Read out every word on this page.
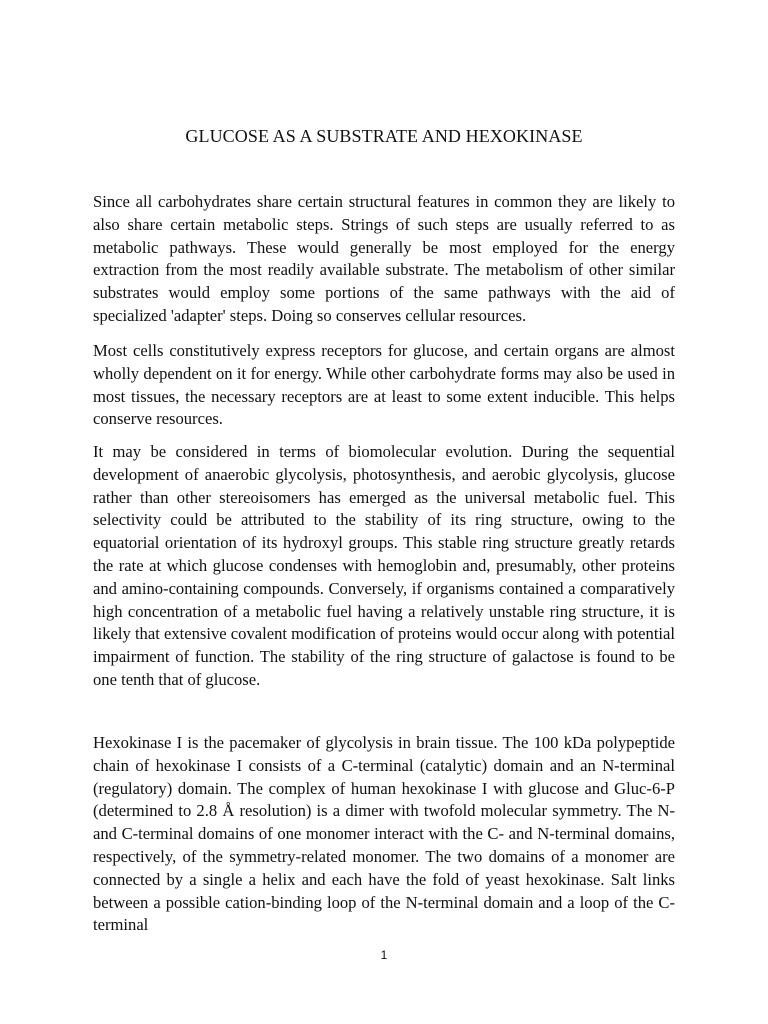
GLUCOSE AS A SUBSTRATE AND HEXOKINASE

Since all carbohydrates share certain structural features in common they are likely to also share certain metabolic steps. Strings of such steps are usually referred to as metabolic pathways. These would generally be most employed for the energy extraction from the most readily available substrate. The metabolism of other similar substrates would employ some portions of the same pathways with the aid of specialized 'adapter' steps. Doing so conserves cellular resources.

Most cells constitutively express receptors for glucose, and certain organs are almost wholly dependent on it for energy. While other carbohydrate forms may also be used in most tissues, the necessary receptors are at least to some extent inducible. This helps conserve resources.

It may be considered in terms of biomolecular evolution. During the sequential development of anaerobic glycolysis, photosynthesis, and aerobic glycolysis, glucose rather than other stereoisomers has emerged as the universal metabolic fuel. This selectivity could be attributed to the stability of its ring structure, owing to the equatorial orientation of its hydroxyl groups. This stable ring structure greatly retards the rate at which glucose condenses with hemoglobin and, presumably, other proteins and amino-containing compounds. Conversely, if organisms contained a comparatively high concentration of a metabolic fuel having a relatively unstable ring structure, it is likely that extensive covalent modification of proteins would occur along with potential impairment of function. The stability of the ring structure of galactose is found to be one tenth that of glucose.

Hexokinase I is the pacemaker of glycolysis in brain tissue. The 100 kDa polypeptide chain of hexokinase I consists of a C-terminal (catalytic) domain and an N-terminal (regulatory) domain. The complex of human hexokinase I with glucose and Gluc-6-P (determined to 2.8 Å resolution) is a dimer with twofold molecular symmetry. The N- and C-terminal domains of one monomer interact with the C- and N-terminal domains, respectively, of the symmetry-related monomer. The two domains of a monomer are connected by a single a helix and each have the fold of yeast hexokinase. Salt links between a possible cation-binding loop of the N-terminal domain and a loop of the C-terminal

1
